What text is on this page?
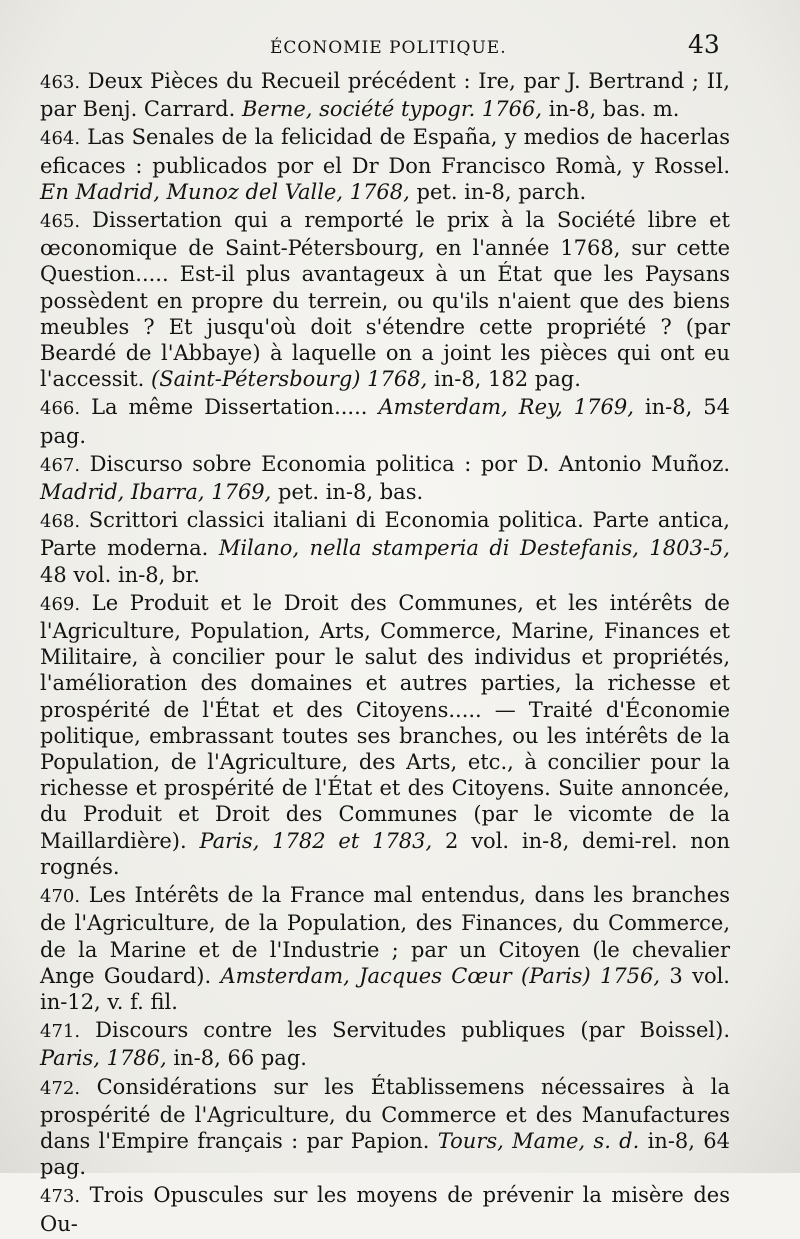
ÉCONOMIE POLITIQUE.	43

463. Deux Pièces du Recueil précédent : Ire, par J. Bertrand ; II, par Benj. Carrard. Berne, société typogr. 1766, in-8, bas. m.

464. Las Senales de la felicidad de España, y medios de hacerlas eficaces : publicados por el Dr Don Francisco Romà, y Rossel. En Madrid, Munoz del Valle, 1768, pet. in-8, parch.

465. Dissertation qui a remporté le prix à la Société libre et œconomique de Saint-Pétersbourg, en l'année 1768, sur cette Question..... Est-il plus avantageux à un État que les Paysans possèdent en propre du terrein, ou qu'ils n'aient que des biens meubles ? Et jusqu'où doit s'étendre cette propriété ? (par Beardé de l'Abbaye) à laquelle on a joint les pièces qui ont eu l'accessit. (Saint-Pétersbourg) 1768, in-8, 182 pag.

466. La même Dissertation..... Amsterdam, Rey, 1769, in-8, 54 pag.

467. Discurso sobre Economia politica : por D. Antonio Muñoz. Madrid, Ibarra, 1769, pet. in-8, bas.

468. Scrittori classici italiani di Economia politica. Parte antica, Parte moderna. Milano, nella stamperia di Destefanis, 1803-5, 48 vol. in-8, br.

469. Le Produit et le Droit des Communes, et les intérêts de l'Agriculture, Population, Arts, Commerce, Marine, Finances et Militaire, à concilier pour le salut des individus et propriétés, l'amélioration des domaines et autres parties, la richesse et prospérité de l'État et des Citoyens..... — Traité d'Économie politique, embrassant toutes ses branches, ou les intérêts de la Population, de l'Agriculture, des Arts, etc., à concilier pour la richesse et prospérité de l'État et des Citoyens. Suite annoncée, du Produit et Droit des Communes (par le vicomte de la Maillardière). Paris, 1782 et 1783, 2 vol. in-8, demi-rel. non rognés.

470. Les Intérêts de la France mal entendus, dans les branches de l'Agriculture, de la Population, des Finances, du Commerce, de la Marine et de l'Industrie ; par un Citoyen (le chevalier Ange Goudard). Amsterdam, Jacques Cœur (Paris) 1756, 3 vol. in-12, v. f. fil.

471. Discours contre les Servitudes publiques (par Boissel). Paris, 1786, in-8, 66 pag.

472. Considérations sur les Établissemens nécessaires à la prospérité de l'Agriculture, du Commerce et des Manufactures dans l'Empire français : par Papion. Tours, Mame, s. d. in-8, 64 pag.

473. Trois Opuscules sur les moyens de prévenir la misère des Ou-
